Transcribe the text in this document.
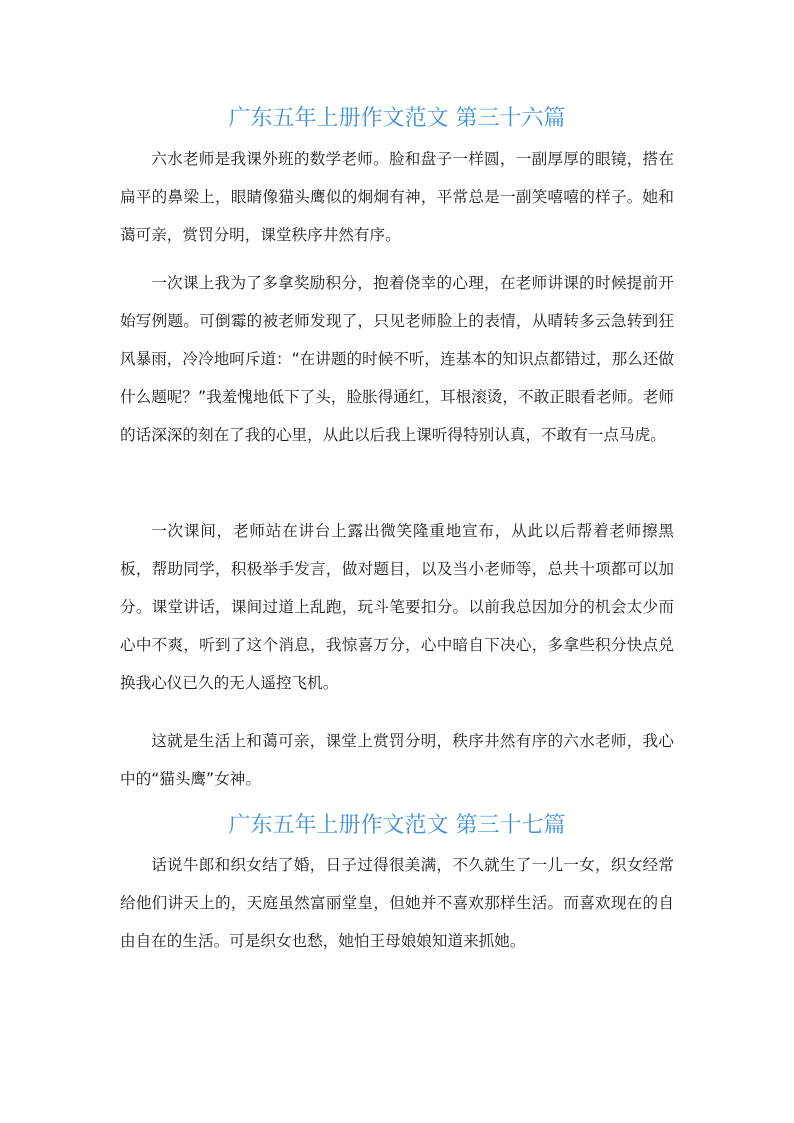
广东五年上册作文范文 第三十六篇

六水老师是我课外班的数学老师。脸和盘子一样圆，一副厚厚的眼镜，搭在扁平的鼻梁上，眼睛像猫头鹰似的炯炯有神，平常总是一副笑嘻嘻的样子。她和蔼可亲，赏罚分明，课堂秩序井然有序。

一次课上我为了多拿奖励积分，抱着侥幸的心理，在老师讲课的时候提前开始写例题。可倒霉的被老师发现了，只见老师脸上的表情，从晴转多云急转到狂风暴雨，冷冷地呵斥道：“在讲题的时候不听，连基本的知识点都错过，那么还做什么题呢？”我羞愧地低下了头，脸胀得通红，耳根滚烫，不敢正眼看老师。老师的话深深的刻在了我的心里，从此以后我上课听得特别认真，不敢有一点马虎。

一次课间，老师站在讲台上露出微笑隆重地宣布，从此以后帮着老师擦黑板，帮助同学，积极举手发言，做对题目，以及当小老师等，总共十项都可以加分。课堂讲话，课间过道上乱跑，玩斗笔要扣分。以前我总因加分的机会太少而心中不爽，听到了这个消息，我惊喜万分，心中暗自下决心，多拿些积分快点兑换我心仪已久的无人遥控飞机。

这就是生活上和蔼可亲，课堂上赏罚分明，秩序井然有序的六水老师，我心中的“猫头鹰”女神。

广东五年上册作文范文 第三十七篇

话说牛郎和织女结了婚，日子过得很美满，不久就生了一儿一女，织女经常给他们讲天上的，天庭虽然富丽堂皇，但她并不喜欢那样生活。而喜欢现在的自由自在的生活。可是织女也愁，她怕王母娘娘知道来抓她。
